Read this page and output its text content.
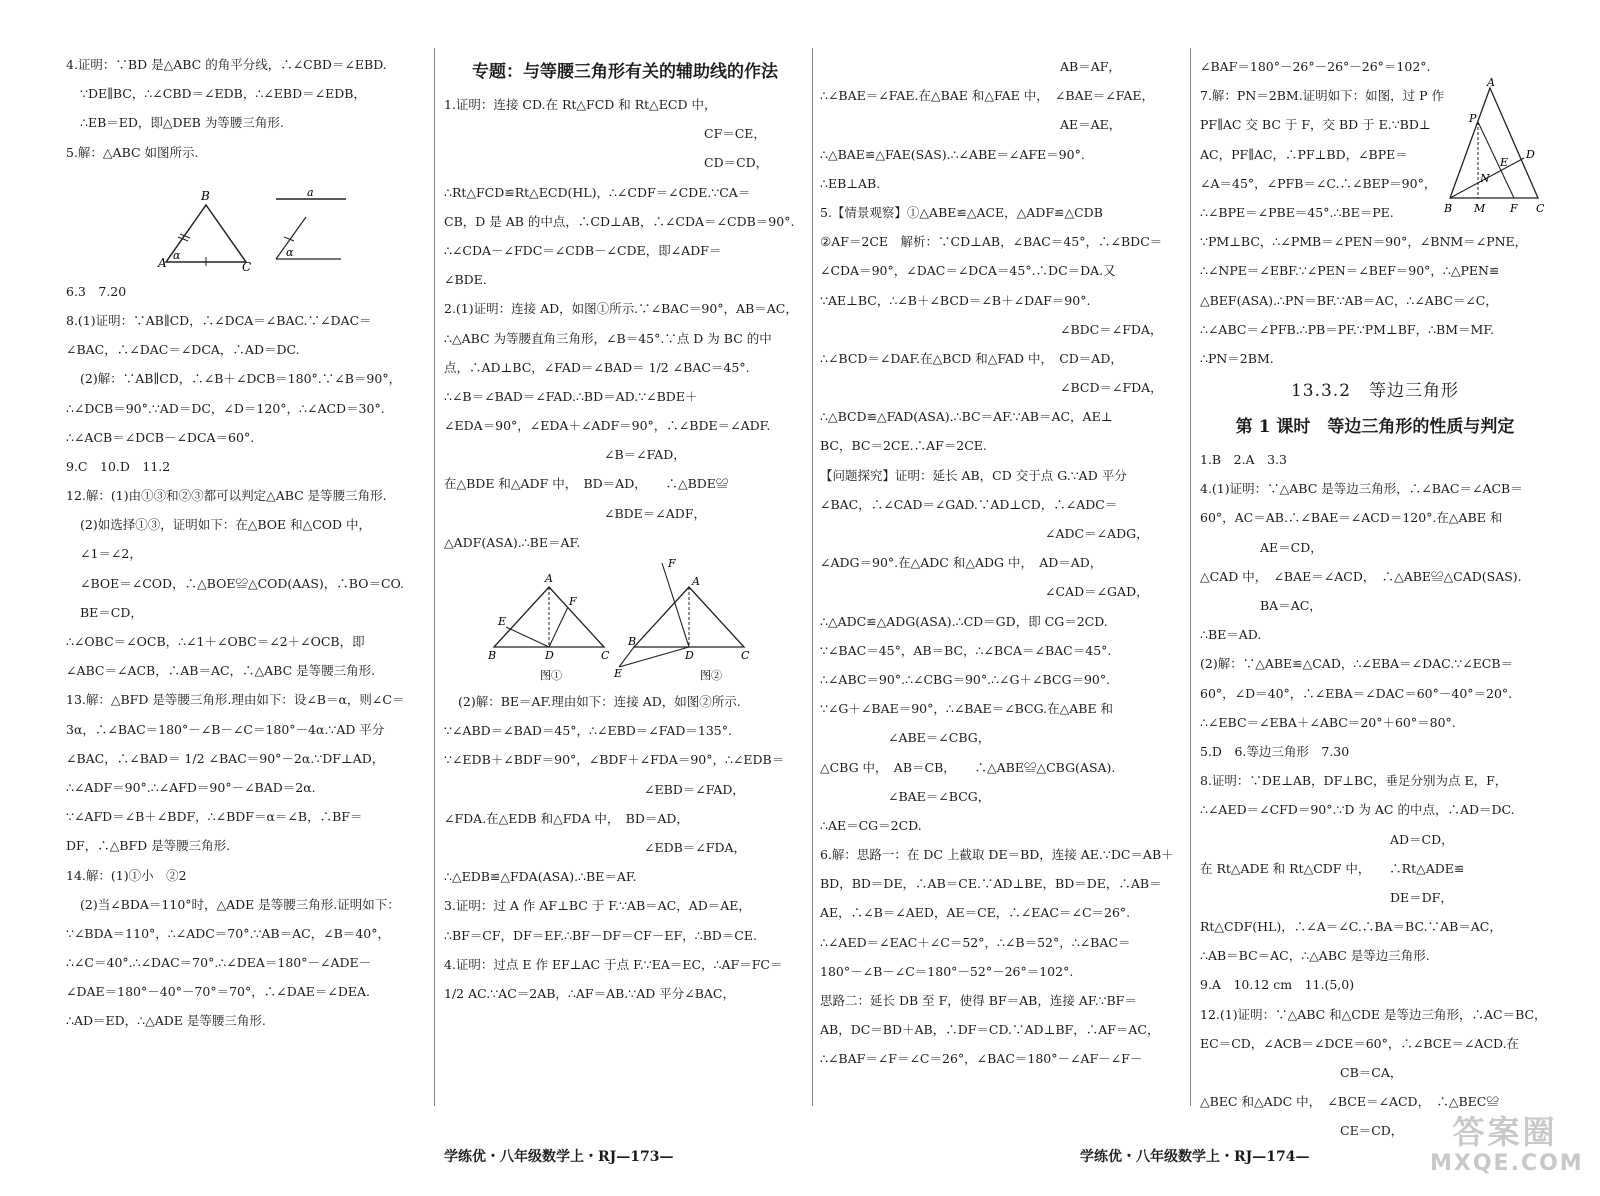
4.证明：∵BD 是△ABC 的角平分线，∴∠CBD＝∠EBD.

∵DE∥BC，∴∠CBD＝∠EDB，∴∠EBD＝∠EDB，

∴EB＝ED，即△DEB 为等腰三角形.

5.解：△ABC 如图所示.

A
B
C
α
a
α

6.3　7.20

8.(1)证明：∵AB∥CD，∴∠DCA＝∠BAC.∵∠DAC＝

∠BAC，∴∠DAC＝∠DCA，∴AD＝DC.

(2)解：∵AB∥CD，∴∠B＋∠DCB＝180°.∵∠B＝90°，

∴∠DCB＝90°.∵AD＝DC，∠D＝120°，∴∠ACD＝30°.

∴∠ACB＝∠DCB－∠DCA＝60°.

9.C　10.D　11.2

12.解：(1)由①③和②③都可以判定△ABC 是等腰三角形.

(2)如选择①③，证明如下：在△BOE 和△COD 中，

∠1＝∠2，

∠BOE＝∠COD，∴△BOE≌△COD(AAS)，∴BO＝CO.

BE＝CD，

∴∠OBC＝∠OCB，∴∠1＋∠OBC＝∠2＋∠OCB，即

∠ABC＝∠ACB，∴AB＝AC，∴△ABC 是等腰三角形.

13.解：△BFD 是等腰三角形.理由如下：设∠B＝α，则∠C＝

3α，∴∠BAC＝180°－∠B－∠C＝180°－4α.∵AD 平分

∠BAC，∴∠BAD＝ 1/2 ∠BAC＝90°－2α.∵DF⊥AD，

∴∠ADF＝90°.∴∠AFD＝90°－∠BAD＝2α.

∵∠AFD＝∠B＋∠BDF，∴∠BDF＝α＝∠B，∴BF＝

DF，∴△BFD 是等腰三角形.

14.解：(1)①小　②2

(2)当∠BDA＝110°时，△ADE 是等腰三角形.证明如下：

∵∠BDA＝110°，∴∠ADC＝70°.∵AB＝AC，∠B＝40°，

∴∠C＝40°.∴∠DAC＝70°.∴∠DEA＝180°－∠ADE－

∠DAE＝180°－40°－70°＝70°，∴∠DAE＝∠DEA.

∴AD＝ED，∴△ADE 是等腰三角形.

专题：与等腰三角形有关的辅助线的作法

1.证明：连接 CD.在 Rt△FCD 和 Rt△ECD 中，

CF＝CE，

CD＝CD，

∴Rt△FCD≌Rt△ECD(HL)，∴∠CDF＝∠CDE.∵CA＝

CB，D 是 AB 的中点，∴CD⊥AB，∴∠CDA＝∠CDB＝90°.

∴∠CDA－∠FDC＝∠CDB－∠CDE，即∠ADF＝

∠BDE.

2.(1)证明：连接 AD，如图①所示.∵∠BAC＝90°，AB＝AC，

∴△ABC 为等腰直角三角形，∠B＝45°.∵点 D 为 BC 的中

点，∴AD⊥BC，∠FAD＝∠BAD＝ 1/2 ∠BAC＝45°.

∴∠B＝∠BAD＝∠FAD.∴BD＝AD.∵∠BDE＋

∠EDA＝90°，∠EDA＋∠ADF＝90°，∴∠BDE＝∠ADF.

∠B＝∠FAD，

在△BDE 和△ADF 中，　BD＝AD，　　∴△BDE≌

∠BDE＝∠ADF，

△ADF(ASA).∴BE＝AF.

A
B	D	C
E
F
图①
A
B
D	C
E
F
图②

(2)解：BE＝AF.理由如下：连接 AD，如图②所示.

∵∠ABD＝∠BAD＝45°，∴∠EBD＝∠FAD＝135°.

∵∠EDB＋∠BDF＝90°，∠BDF＋∠FDA＝90°，∴∠EDB＝

∠EBD＝∠FAD，

∠FDA.在△EDB 和△FDA 中，　BD＝AD，

∠EDB＝∠FDA，

∴△EDB≌△FDA(ASA).∴BE＝AF.

3.证明：过 A 作 AF⊥BC 于 F.∵AB＝AC，AD＝AE，

∴BF＝CF，DF＝EF.∴BF－DF＝CF－EF，∴BD＝CE.

4.证明：过点 E 作 EF⊥AC 于点 F.∵EA＝EC，∴AF＝FC＝

1/2 AC.∵AC＝2AB，∴AF＝AB.∵AD 平分∠BAC，

AB＝AF，

∴∠BAE＝∠FAE.在△BAE 和△FAE 中，　∠BAE＝∠FAE，

AE＝AE，

∴△BAE≌△FAE(SAS).∴∠ABE＝∠AFE＝90°.

∴EB⊥AB.

5.【情景观察】①△ABE≌△ACE，△ADF≌△CDB

②AF＝2CE　解析：∵CD⊥AB，∠BAC＝45°，∴∠BDC＝

∠CDA＝90°，∠DAC＝∠DCA＝45°.∴DC＝DA.又

∵AE⊥BC，∴∠B＋∠BCD＝∠B＋∠DAF＝90°.

∠BDC＝∠FDA，

∴∠BCD＝∠DAF.在△BCD 和△FAD 中，　CD＝AD，

∠BCD＝∠FDA，

∴△BCD≌△FAD(ASA).∴BC＝AF.∵AB＝AC，AE⊥

BC，BC＝2CE.∴AF＝2CE.

【问题探究】证明：延长 AB，CD 交于点 G.∵AD 平分

∠BAC，∴∠CAD＝∠GAD.∵AD⊥CD，∴∠ADC＝

∠ADC＝∠ADG，

∠ADG＝90°.在△ADC 和△ADG 中，　AD＝AD，

∠CAD＝∠GAD，

∴△ADC≌△ADG(ASA).∴CD＝GD，即 CG＝2CD.

∵∠BAC＝45°，AB＝BC，∴∠BCA＝∠BAC＝45°.

∴∠ABC＝90°.∴∠CBG＝90°.∴∠G＋∠BCG＝90°.

∵∠G＋∠BAE＝90°，∴∠BAE＝∠BCG.在△ABE 和

∠ABE＝∠CBG，

△CBG 中，　AB＝CB，　　∴△ABE≌△CBG(ASA).

∠BAE＝∠BCG，

∴AE＝CG＝2CD.

6.解：思路一：在 DC 上截取 DE＝BD，连接 AE.∵DC＝AB＋

BD，BD＝DE，∴AB＝CE.∵AD⊥BE，BD＝DE，∴AB＝

AE，∴∠B＝∠AED，AE＝CE，∴∠EAC＝∠C＝26°.

∴∠AED＝∠EAC＋∠C＝52°，∴∠B＝52°，∴∠BAC＝

180°－∠B－∠C＝180°－52°－26°＝102°.

思路二：延长 DB 至 F，使得 BF＝AB，连接 AF.∵BF＝

AB，DC＝BD＋AB，∴DF＝CD.∵AD⊥BF，∴AF＝AC，

∴∠BAF＝∠F＝∠C＝26°，∠BAC＝180°－∠AF－∠F－

A
B M F C
P
D
E
N

∠BAF＝180°－26°－26°－26°＝102°.

7.解：PN＝2BM.证明如下：如图，过 P 作

PF∥AC 交 BC 于 F，交 BD 于 E.∵BD⊥

AC，PF∥AC，∴PF⊥BD，∠BPE＝

∠A＝45°，∠PFB＝∠C.∴∠BEP＝90°，

∴∠BPE＝∠PBE＝45°.∴BE＝PE.

∵PM⊥BC，∴∠PMB＝∠PEN＝90°，∠BNM＝∠PNE，

∴∠NPE＝∠EBF.∵∠PEN＝∠BEF＝90°，∴△PEN≌

△BEF(ASA).∴PN＝BF.∵AB＝AC，∴∠ABC＝∠C，

∴∠ABC＝∠PFB.∴PB＝PF.∵PM⊥BF，∴BM＝MF.

∴PN＝2BM.

13.3.2　等边三角形
第 1 课时　等边三角形的性质与判定

1.B　2.A　3.3

4.(1)证明：∵△ABC 是等边三角形，∴∠BAC＝∠ACB＝

60°，AC＝AB.∴∠BAE＝∠ACD＝120°.在△ABE 和

AE＝CD，

△CAD 中，　∠BAE＝∠ACD，　∴△ABE≌△CAD(SAS).

BA＝AC，

∴BE＝AD.

(2)解：∵△ABE≌△CAD，∴∠EBA＝∠DAC.∵∠ECB＝

60°，∠D＝40°，∴∠EBA＝∠DAC＝60°－40°＝20°.

∴∠EBC＝∠EBA＋∠ABC＝20°＋60°＝80°.

5.D　6.等边三角形　7.30

8.证明：∵DE⊥AB，DF⊥BC，垂足分别为点 E，F，

∴∠AED＝∠CFD＝90°.∵D 为 AC 的中点，∴AD＝DC.

AD＝CD，

在 Rt△ADE 和 Rt△CDF 中，　　∴Rt△ADE≌

DE＝DF，

Rt△CDF(HL)，∴∠A＝∠C.∴BA＝BC.∵AB＝AC，

∴AB＝BC＝AC，∴△ABC 是等边三角形.

9.A　10.12 cm　11.(5,0)

12.(1)证明：∵△ABC 和△CDE 是等边三角形，∴AC＝BC，

EC＝CD，∠ACB＝∠DCE＝60°，∴∠BCE＝∠ACD.在

CB＝CA，

△BEC 和△ADC 中，　∠BCE＝∠ACD，　∴△BEC≌

CE＝CD，

学练优・八年级数学上・RJ—173—	学练优・八年级数学上・RJ—174—
答案圈
MXQE.COM
